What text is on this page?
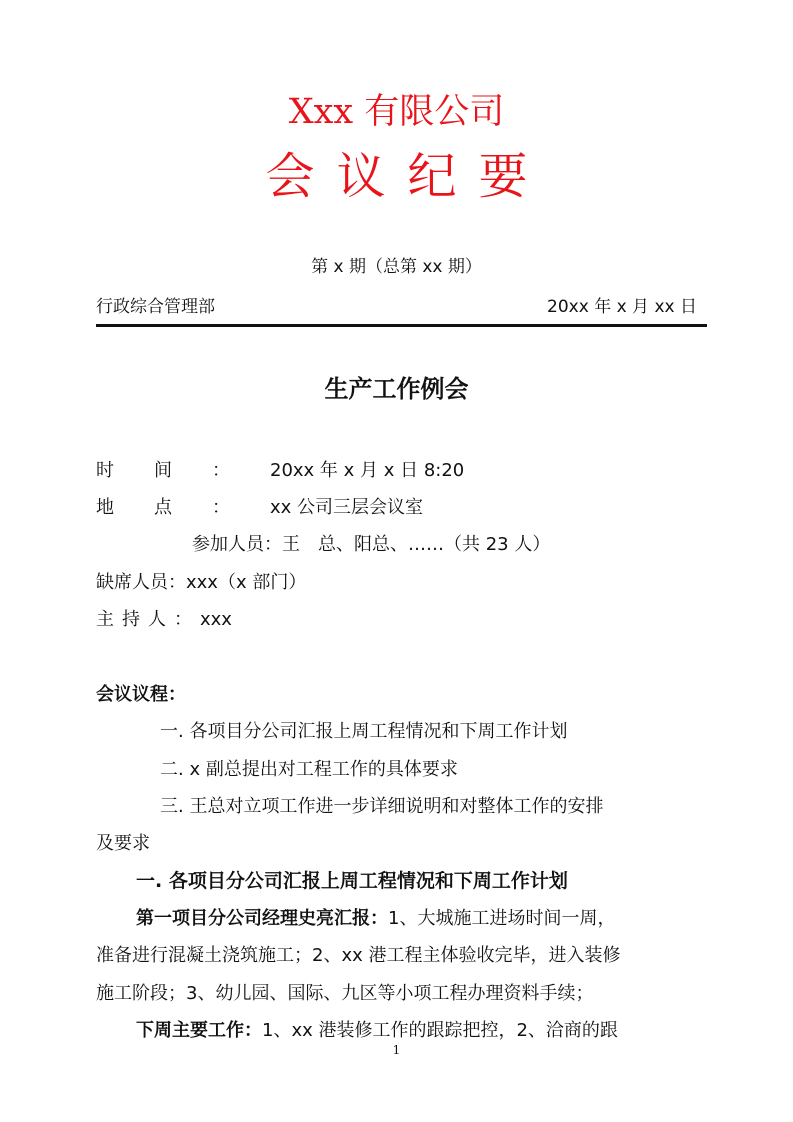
Xxx 有限公司
会议纪要
第 x 期（总第 xx 期）
行政综合管理部	20xx 年 x 月 xx 日
生产工作例会
时间：20xx 年 x 月 x 日 8:20
地点：xx 公司三层会议室
参加人员：王　总、阳总、……（共 23 人）
缺席人员：xxx（x 部门）
主持人：xxx
会议议程：
一. 各项目分公司汇报上周工程情况和下周工作计划
二. x 副总提出对工程工作的具体要求
三. 王总对立项工作进一步详细说明和对整体工作的安排
及要求
一. 各项目分公司汇报上周工程情况和下周工作计划
第一项目分公司经理史亮汇报：1、大城施工进场时间一周，
准备进行混凝土浇筑施工；2、xx 港工程主体验收完毕，进入装修
施工阶段；3、幼儿园、国际、九区等小项工程办理资料手续；
下周主要工作：1、xx 港装修工作的跟踪把控，2、洽商的跟
1
